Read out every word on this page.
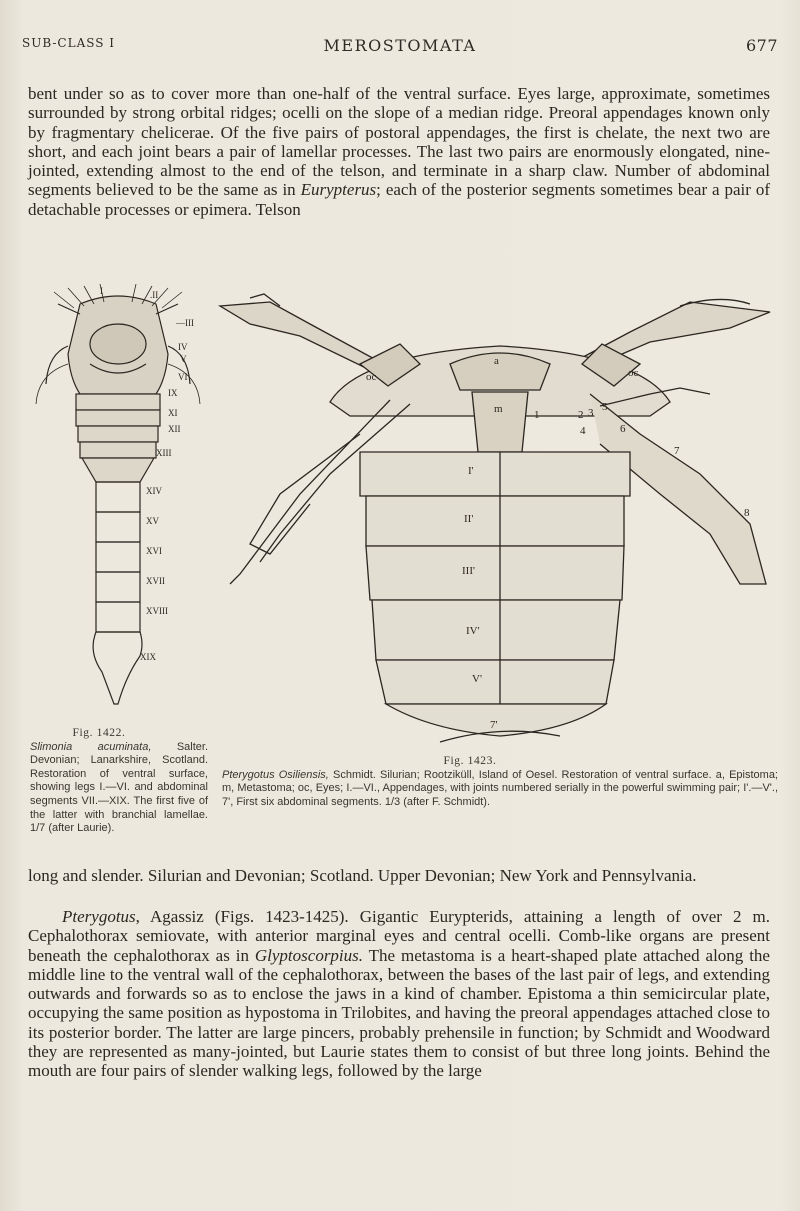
SUB-CLASS I	MEROSTOMATA	677
bent under so as to cover more than one-half of the ventral surface. Eyes large, approximate, sometimes surrounded by strong orbital ridges; ocelli on the slope of a median ridge. Preoral appendages known only by fragmentary chelicerae. Of the five pairs of postoral appendages, the first is chelate, the next two are short, and each joint bears a pair of lamellar processes. The last two pairs are enormously elongated, nine-jointed, extending almost to the end of the telson, and terminate in a sharp claw. Number of abdominal segments believed to be the same as in Eurypterus; each of the posterior segments sometimes bear a pair of detachable processes or epimera. Telson
I	.II
—III
IV
V
VI
IX
XI
XII
XIII
XIV
XV
XVI
XVII
XVIII
XIX
oc
a
oc
m	1	2 3
4
5
6
7
8
I'
II'
III'
IV'
V'
7'
Fig. 1422.
Slimonia acuminata, Salter. Devonian; Lanarkshire, Scotland. Restoration of ventral surface, showing legs I.—VI. and abdominal segments VII.—XIX. The first five of the latter with branchial lamellae. 1/7 (after Laurie).
Fig. 1423.
Pterygotus Osiliensis, Schmidt. Silurian; Rootziküll, Island of Oesel. Restoration of ventral surface. a, Epistoma; m, Metastoma; oc, Eyes; I.—VI., Appendages, with joints numbered serially in the powerful swimming pair; I'.—V'., 7', First six abdominal segments. 1/3 (after F. Schmidt).
long and slender. Silurian and Devonian; Scotland. Upper Devonian; New York and Pennsylvania.
Pterygotus, Agassiz (Figs. 1423-1425). Gigantic Eurypterids, attaining a length of over 2 m. Cephalothorax semiovate, with anterior marginal eyes and central ocelli. Comb-like organs are present beneath the cephalothorax as in Glyptoscorpius. The metastoma is a heart-shaped plate attached along the middle line to the ventral wall of the cephalothorax, between the bases of the last pair of legs, and extending outwards and forwards so as to enclose the jaws in a kind of chamber. Epistoma a thin semicircular plate, occupying the same position as hypostoma in Trilobites, and having the preoral appendages attached close to its posterior border. The latter are large pincers, probably prehensile in function; by Schmidt and Woodward they are represented as many-jointed, but Laurie states them to consist of but three long joints. Behind the mouth are four pairs of slender walking legs, followed by the large
